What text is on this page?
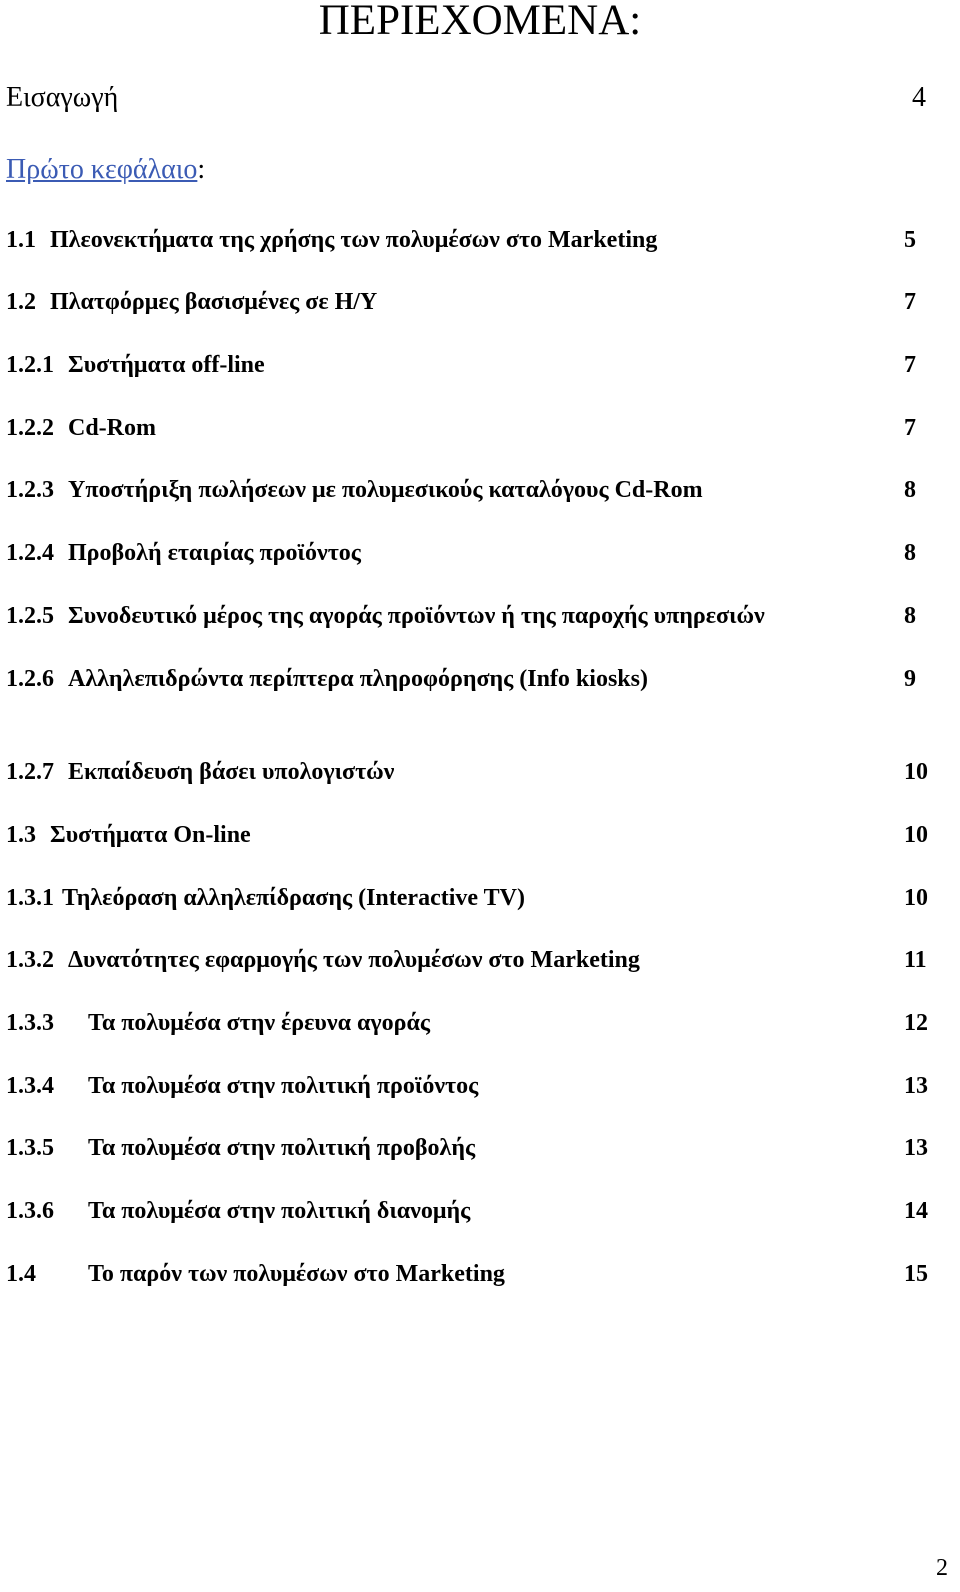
ΠΕΡΙΕΧΟΜΕΝΑ:
Εισαγωγή	4
Πρώτο κεφάλαιο:
1.1 Πλεονεκτήματα της χρήσης των πολυμέσων στο Marketing	5
1.2 Πλατφόρμες βασισμένες σε Η/Υ	7
1.2.1 Συστήματα off-line	7
1.2.2 Cd-Rom	7
1.2.3 Υποστήριξη πωλήσεων με πολυμεσικούς καταλόγους Cd-Rom	8
1.2.4 Προβολή εταιρίας προϊόντος	8
1.2.5 Συνοδευτικό μέρος της αγοράς προϊόντων ή της παροχής υπηρεσιών	8
1.2.6 Αλληλεπιδρώντα περίπτερα πληροφόρησης (Info kiosks)	9
1.2.7 Εκπαίδευση βάσει υπολογιστών	10
1.3 Συστήματα On-line	10
1.3.1 Τηλεόραση αλληλεπίδρασης (Interactive TV)	10
1.3.2 Δυνατότητες εφαρμογής των πολυμέσων στο Marketing	11
1.3.3 Τα πολυμέσα στην έρευνα αγοράς	12
1.3.4 Τα πολυμέσα στην πολιτική προϊόντος	13
1.3.5 Τα πολυμέσα στην πολιτική προβολής	13
1.3.6 Τα πολυμέσα στην πολιτική διανομής	14
1.4 Το παρόν των πολυμέσων στο Marketing	15
2
